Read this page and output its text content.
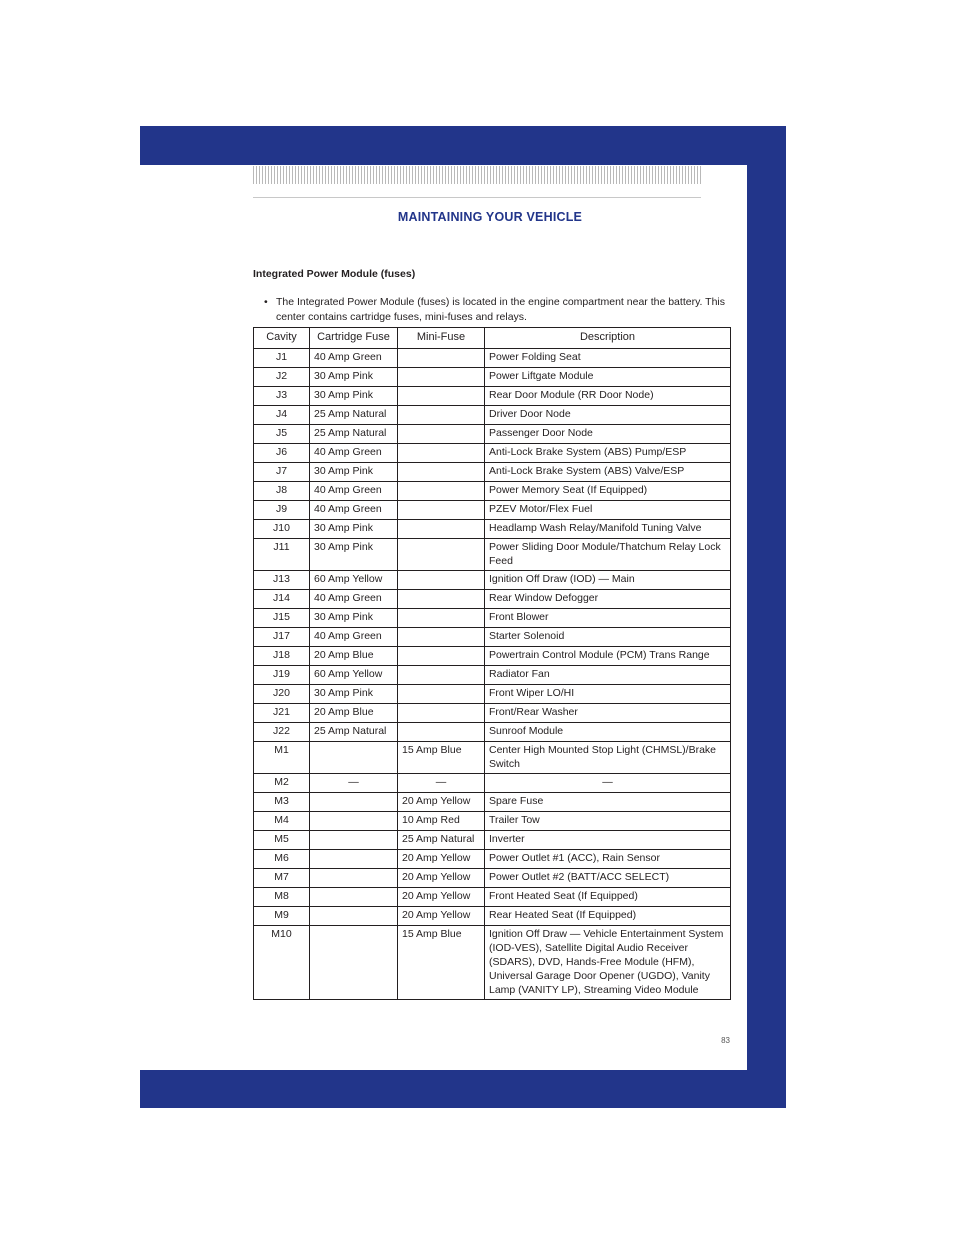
MAINTAINING YOUR VEHICLE
Integrated Power Module (fuses)
• The Integrated Power Module (fuses) is located in the engine compartment near the battery. This center contains cartridge fuses, mini-fuses and relays.
Cavity	Cartridge Fuse	Mini-Fuse	Description
J1	40 Amp Green		Power Folding Seat
J2	30 Amp Pink		Power Liftgate Module
J3	30 Amp Pink		Rear Door Module (RR Door Node)
J4	25 Amp Natural		Driver Door Node
J5	25 Amp Natural		Passenger Door Node
J6	40 Amp Green		Anti-Lock Brake System (ABS) Pump/ESP
J7	30 Amp Pink		Anti-Lock Brake System (ABS) Valve/ESP
J8	40 Amp Green		Power Memory Seat (If Equipped)
J9	40 Amp Green		PZEV Motor/Flex Fuel
J10	30 Amp Pink		Headlamp Wash Relay/Manifold Tuning Valve
J11	30 Amp Pink		Power Sliding Door Module/Thatchum Relay Lock Feed
J13	60 Amp Yellow		Ignition Off Draw (IOD) — Main
J14	40 Amp Green		Rear Window Defogger
J15	30 Amp Pink		Front Blower
J17	40 Amp Green		Starter Solenoid
J18	20 Amp Blue		Powertrain Control Module (PCM) Trans Range
J19	60 Amp Yellow		Radiator Fan
J20	30 Amp Pink		Front Wiper LO/HI
J21	20 Amp Blue		Front/Rear Washer
J22	25 Amp Natural		Sunroof Module
M1		15 Amp Blue	Center High Mounted Stop Light (CHMSL)/Brake Switch
M2	—	—	—
M3		20 Amp Yellow	Spare Fuse
M4		10 Amp Red	Trailer Tow
M5		25 Amp Natural	Inverter
M6		20 Amp Yellow	Power Outlet #1 (ACC), Rain Sensor
M7		20 Amp Yellow	Power Outlet #2 (BATT/ACC SELECT)
M8		20 Amp Yellow	Front Heated Seat (If Equipped)
M9		20 Amp Yellow	Rear Heated Seat (If Equipped)
M10		15 Amp Blue	Ignition Off Draw — Vehicle Entertainment System (IOD-VES), Satellite Digital Audio Receiver (SDARS), DVD, Hands-Free Module (HFM), Universal Garage Door Opener (UGDO), Vanity Lamp (VANITY LP), Streaming Video Module
83
